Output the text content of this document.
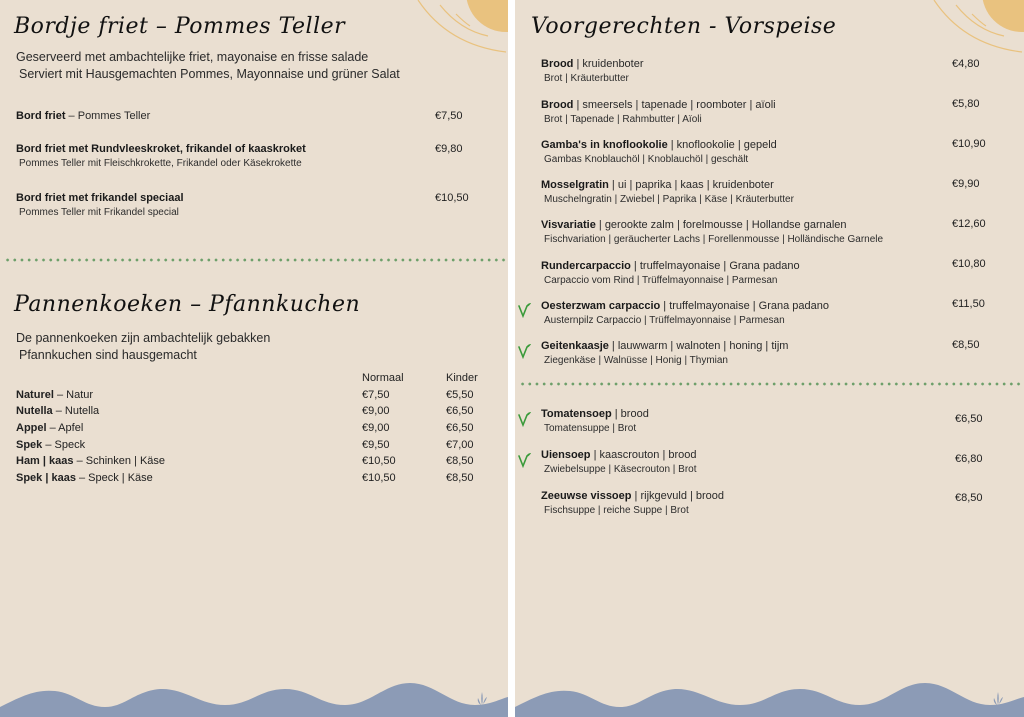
Bordje friet – Pommes Teller
Geserveerd met ambachtelijke friet, mayonaise en frisse salade
Serviert mit Hausgemachten Pommes, Mayonnaise und grüner Salat
Bord friet – Pommes Teller	€7,50
Bord friet met Rundvleeskroket, frikandel of kaaskroket
Pommes Teller mit Fleischkrokette, Frikandel oder Käsekrokette
€9,80
Bord friet met frikandel speciaal
Pommes Teller mit Frikandel special
€10,50
Pannenkoeken – Pfannkuchen
De pannenkoeken zijn ambachtelijk gebakken
Pfannkuchen sind hausgemacht
	Normaal	Kinder
Naturel – Natur	€7,50	€5,50
Nutella – Nutella	€9,00	€6,50
Appel – Apfel	€9,00	€6,50
Spek – Speck	€9,50	€7,00
Ham | kaas – Schinken | Käse	€10,50	€8,50
Spek | kaas – Speck | Käse	€10,50	€8,50
Voorgerechten - Vorspeise
Brood | kruidenboter
Brot | Kräuterbutter
€4,80
Brood | smeersels | tapenade | roomboter | aïoli
Brot | Tapenade | Rahmbutter | Aïoli
€5,80
Gamba's in knoflookolie | knoflookolie | gepeld
Gambas Knoblauchöl | Knoblauchöl | geschält
€10,90
Mosselgratin | ui | paprika | kaas | kruidenboter
Muschelngratin | Zwiebel | Paprika | Käse | Kräuterbutter
€9,90
Visvariatie | gerookte zalm | forelmousse | Hollandse garnalen
Fischvariation | geräucherter Lachs | Forellenmousse | Holländische Garnele
€12,60
Rundercarpaccio | truffelmayonaise | Grana padano
Carpaccio vom Rind | Trüffelmayonnaise | Parmesan
€10,80
Oesterzwam carpaccio | truffelmayonaise | Grana padano
Austernpilz Carpaccio | Trüffelmayonnaise | Parmesan
€11,50
Geitenkaasje | lauwwarm | walnoten | honing | tijm
Ziegenkäse | Walnüsse | Honig | Thymian
€8,50
Tomatensoep | brood
Tomatensuppe | Brot
€6,50
Uiensoep | kaascrouton | brood
Zwiebelsuppe | Käsecrouton | Brot
€6,80
Zeeuwse vissoep | rijkgevuld | brood
Fischsuppe | reiche Suppe | Brot
€8,50
